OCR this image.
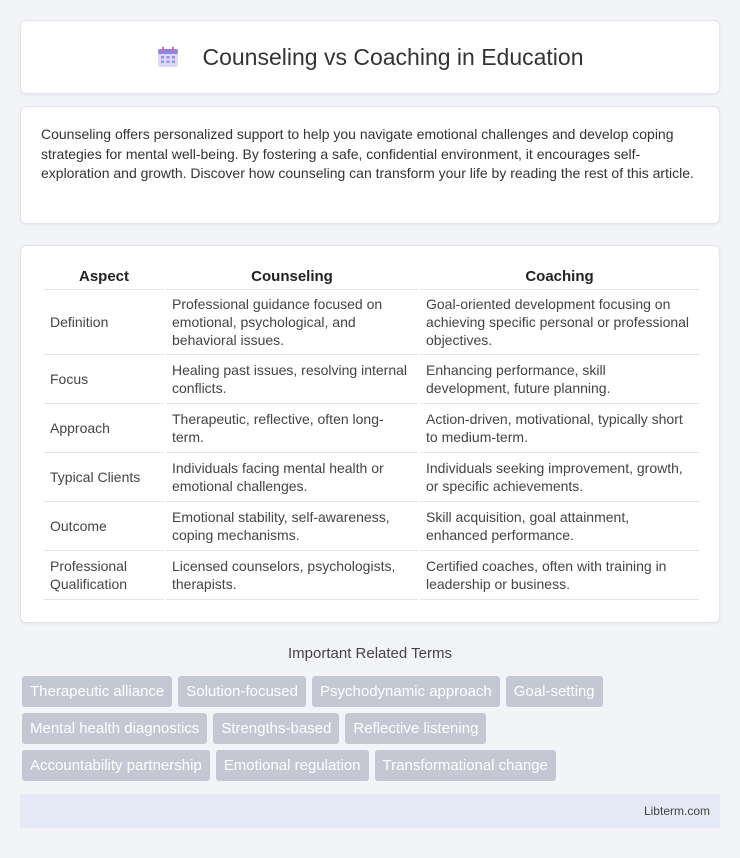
Counseling vs Coaching in Education

Counseling offers personalized support to help you navigate emotional challenges and develop coping strategies for mental well-being. By fostering a safe, confidential environment, it encourages self-exploration and growth. Discover how counseling can transform your life by reading the rest of this article.

Aspect	Counseling	Coaching
Definition	Professional guidance focused on emotional, psychological, and behavioral issues.	Goal-oriented development focusing on achieving specific personal or professional objectives.
Focus	Healing past issues, resolving internal conflicts.	Enhancing performance, skill development, future planning.
Approach	Therapeutic, reflective, often long-term.	Action-driven, motivational, typically short to medium-term.
Typical Clients	Individuals facing mental health or emotional challenges.	Individuals seeking improvement, growth, or specific achievements.
Outcome	Emotional stability, self-awareness, coping mechanisms.	Skill acquisition, goal attainment, enhanced performance.
Professional Qualification	Licensed counselors, psychologists, therapists.	Certified coaches, often with training in leadership or business.
Important Related Terms
Therapeutic alliance	Solution-focused	Psychodynamic approach	Goal-setting
Mental health diagnostics	Strengths-based	Reflective listening
Accountability partnership	Emotional regulation	Transformational change
Libterm.com
